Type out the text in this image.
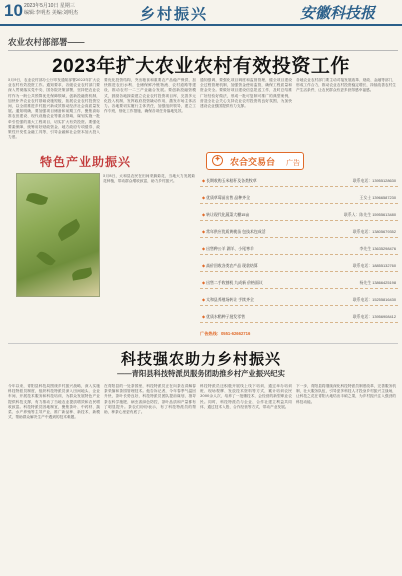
10 2023年5月10日 星期三
编辑:李明杰 美编:刘明杰	乡村振兴	安徽科技报
农业农村部部署——
2023年扩大农业农村有效投资工作
5月9日，农业农村部办公厅印发通知部署2023年扩大农业农村有效投资工作。通知要求，各级农业农村部门要深入贯彻落实党中央、国务院决策部署，坚持把农业农村作为一般公共预算优先保障领域，创新投融资机制，加快补齐农业农村基础设施短板，拓展农业农村投资空间，以全面推进乡村振兴新成效推动经济社会高质量发展。通知明确，要加强项目储备和前期工作，聚焦高标准农田建设、现代设施农业等重点领域，谋划实施一批牵引性强的重大工程项目，切实扩大有效投资。要强化要素保障，统筹用好财政资金、地方政府专项债券、政策性开发性金融工具等，引导金融和社会资本加大投入力度。
要优化投资结构，突出粮食和重要农产品稳产保供，加快推进农田水利、仓储保鲜冷链物流、农村道路等建设，推动农村一二三产业融合发展。要创新投融资模式，鼓励各地探索建立农业农村投资项目库，完善多元化投入机制，发挥政府投资撬动作用，激发市场主体活力。各地要切实履行主体责任，加强组织领导，建立工作专班，细化工作措施，确保各项任务落地见效。
通知强调，要强化项目调度和监督管理，健全项目建设全过程管理机制，加强资金使用监管，确保工程质量和资金安全。要做好项目建设信息报送工作，及时总结推广好经验好做法，形成一批可复制可推广的典型案例，营造全社会关心支持农业农村投资的良好氛围，为加快建设农业强国提供有力支撑。
各地农业农村部门要主动对接发展改革、财政、金融等部门，形成工作合力，推动农业农村投资稳定增长，持续改善农村生产生活条件，让农民群众有更多获得感幸福感。
特色产业助振兴
5月8日，太和县农民在田间采摘菊花，当地大力发展菊花种植，带动群众增收致富，助力乡村振兴。
✦ 农合交易台 广告
◆长期收购玉米秸秆及各类牧草	联系电话：13955128630
◆优质草莓苗出售 品种齐全	王女士 13966587230
◆转让现代化蔬菜大棚15亩	联系人：陈先生 15955613480
◆常年供应优质黄桃苗 包技术包成活	联系电话：13805679352
◆出售种公羊 湖羊、小尾寒羊	李先生 13635298476
◆高价回收各类农产品 现款结算	联系电话：18855132760
◆出售二手收割机 九成新 价格面议	杨先生 13866425198
◆太和县养殖场转让 手续齐全	联系电话：15255816430
◆优质水稻种子批发零售	联系电话：13956908412
广告热线：0551-62662716
科技强农助力乡村振兴
——青阳县科技特派员服务团助推乡村产业振兴纪实
今年以来，青阳县科技局围绕乡村振兴战略，深入实施科技特派员制度，组织科技特派员深入田间地头、企业车间，开展技术服务和科技培训，为群众发展特色产业提供科技支撑，有力推动了当地农业提质增效和农民增收致富。科技特派员因地制宜，聚焦茶叶、中药材、蔬菜、水产养殖等主导产业，推广新品种、新技术、新模式，帮助群众解决生产中遇到的技术难题。
在青阳县的一处茶园里，科技特派员正在向茶农讲解春茶采摘和茶园管理技术。他告诉记者，今年春季气温回升快，茶叶长势良好，科技特派员团队提前谋划，指导茶农科学施肥、病虫害绿色防控，茶叶品质和产量都有了明显提升。茶农们纷纷表示，有了科技特派员的帮助，种茶心里更有底了。
科技特派员还积极开展线上线下培训，通过举办培训班、现场观摩、发放技术资料等方式，累计培训农民3000余人次，培养了一批懂技术、会经营的新型职业农民。同时，科技特派员与企业、合作社建立利益共同体，通过技术入股、合作经营等方式，带动产业发展。
下一步，青阳县将继续深化科技特派员制度改革，完善服务机制，壮大服务队伍，引导更多科技人才投身乡村振兴主战场，让科技之花在青阳大地结出丰硕之果，为乡村振兴注入强劲的科技动能。
